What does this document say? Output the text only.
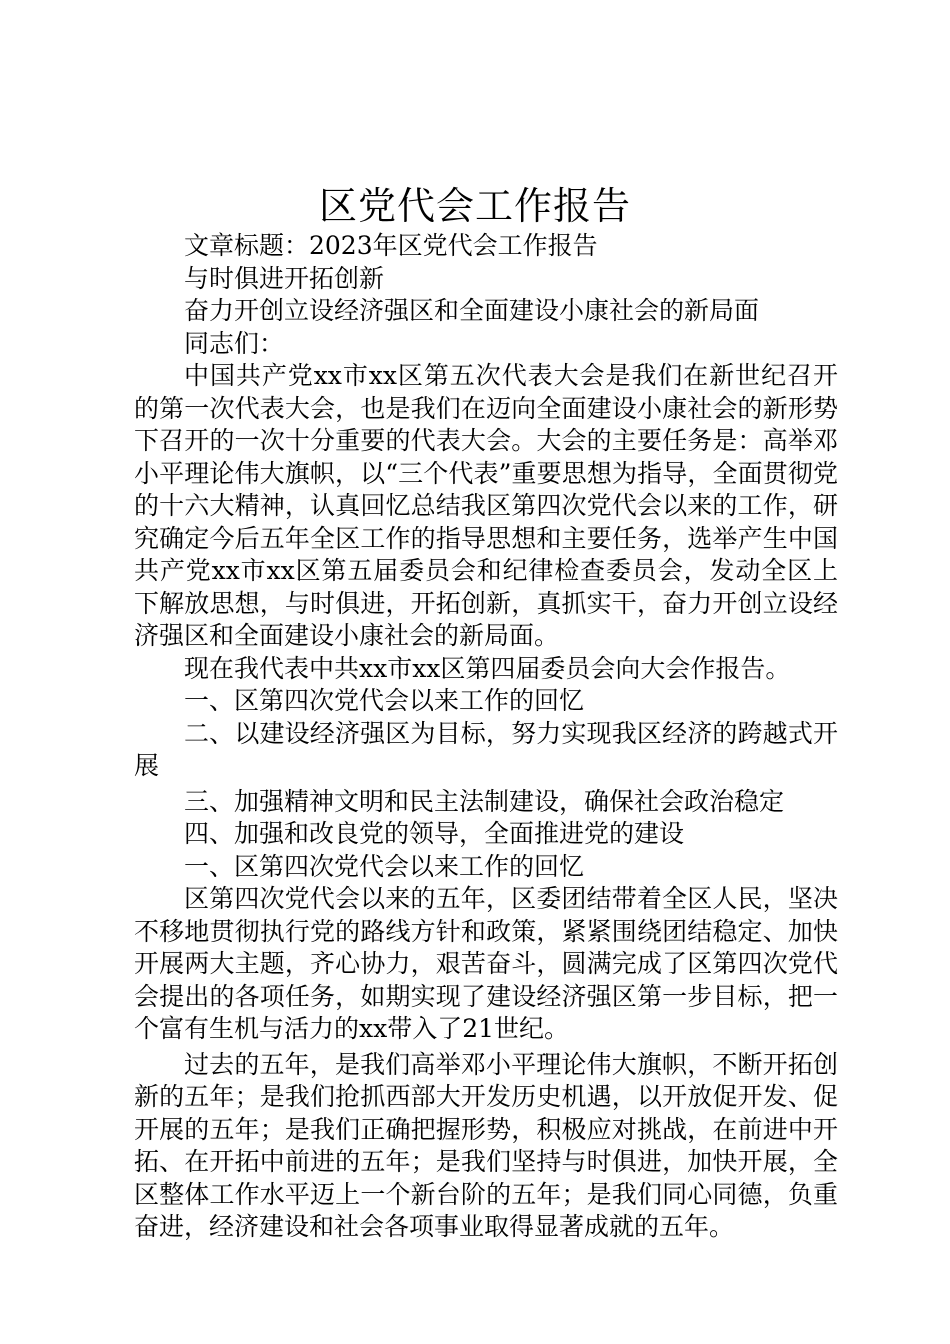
区党代会工作报告

文章标题：2023年区党代会工作报告

与时俱进开拓创新

奋力开创立设经济强区和全面建设小康社会的新局面

同志们：

中国共产党xx市xx区第五次代表大会是我们在新世纪召开的第一次代表大会，也是我们在迈向全面建设小康社会的新形势下召开的一次十分重要的代表大会。大会的主要任务是：高举邓小平理论伟大旗帜，以“三个代表”重要思想为指导，全面贯彻党的十六大精神，认真回忆总结我区第四次党代会以来的工作，研究确定今后五年全区工作的指导思想和主要任务，选举产生中国共产党xx市xx区第五届委员会和纪律检查委员会，发动全区上下解放思想，与时俱进，开拓创新，真抓实干，奋力开创立设经济强区和全面建设小康社会的新局面。

现在我代表中共xx市xx区第四届委员会向大会作报告。

一、区第四次党代会以来工作的回忆

二、以建设经济强区为目标，努力实现我区经济的跨越式开展

三、加强精神文明和民主法制建设，确保社会政治稳定

四、加强和改良党的领导，全面推进党的建设

一、区第四次党代会以来工作的回忆

区第四次党代会以来的五年，区委团结带着全区人民，坚决不移地贯彻执行党的路线方针和政策，紧紧围绕团结稳定、加快开展两大主题，齐心协力，艰苦奋斗，圆满完成了区第四次党代会提出的各项任务，如期实现了建设经济强区第一步目标，把一个富有生机与活力的xx带入了21世纪。

过去的五年，是我们高举邓小平理论伟大旗帜，不断开拓创新的五年；是我们抢抓西部大开发历史机遇，以开放促开发、促开展的五年；是我们正确把握形势，积极应对挑战，在前进中开拓、在开拓中前进的五年；是我们坚持与时俱进，加快开展，全区整体工作水平迈上一个新台阶的五年；是我们同心同德，负重奋进，经济建设和社会各项事业取得显著成就的五年。
